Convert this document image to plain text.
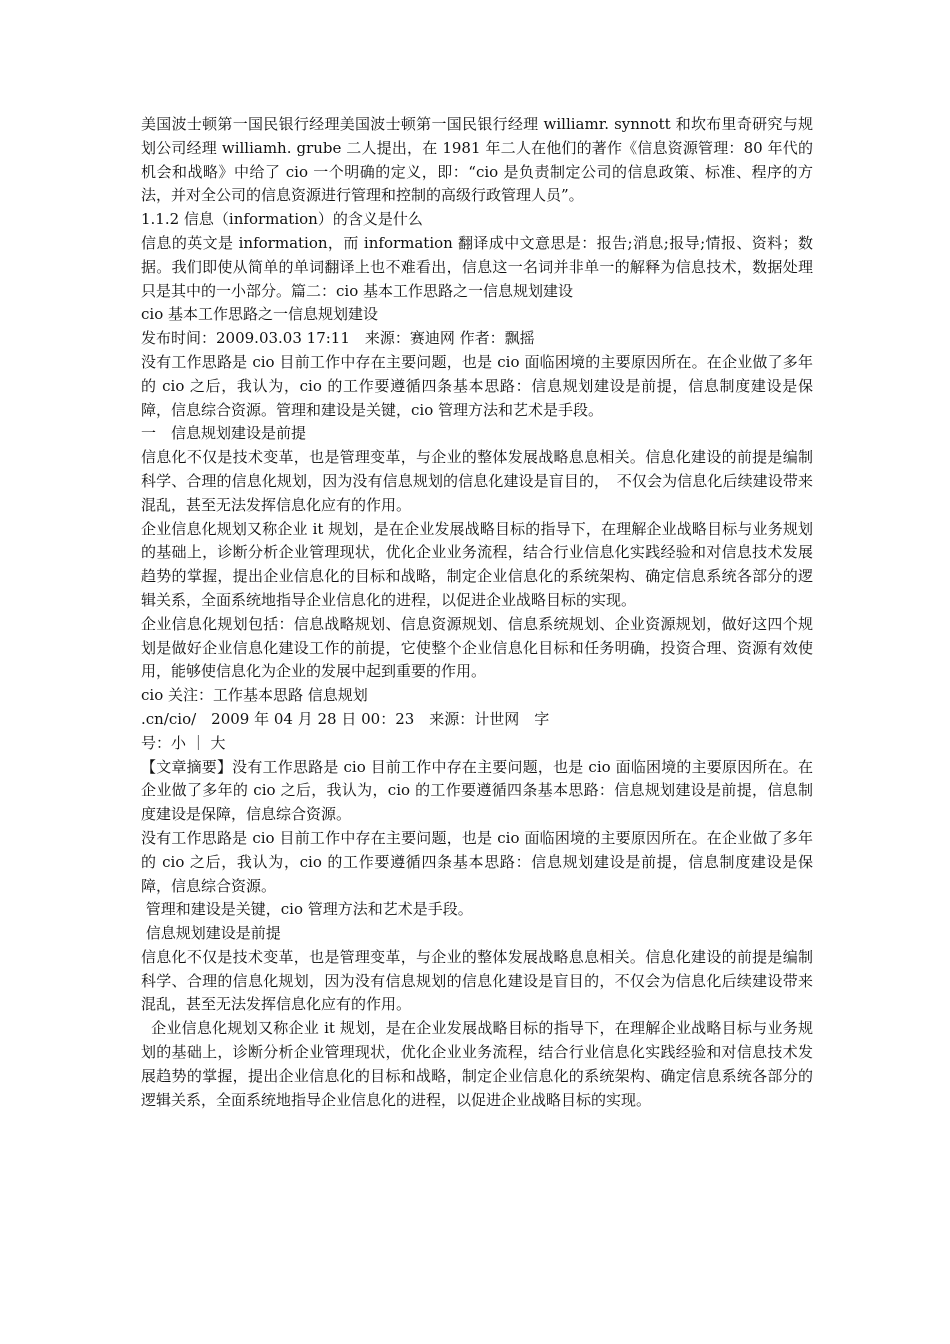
美国波士顿第一国民银行经理美国波士顿第一国民银行经理 williamr. synnott 和坎布里奇研究与规划公司经理 williamh. grube 二人提出，在 1981 年二人在他们的著作《信息资源管理：80 年代的机会和战略》中给了 cio 一个明确的定义，即：“cio 是负责制定公司的信息政策、标准、程序的方法，并对全公司的信息资源进行管理和控制的高级行政管理人员”。

1.1.2 信息（information）的含义是什么

信息的英文是 information，而 information 翻译成中文意思是：报告;消息;报导;情报、资料；数据。我们即使从简单的单词翻译上也不难看出，信息这一名词并非单一的解释为信息技术，数据处理只是其中的一小部分。篇二：cio 基本工作思路之一信息规划建设

cio 基本工作思路之一信息规划建设

发布时间：2009.03.03 17:11　来源：赛迪网 作者：飘摇

没有工作思路是 cio 目前工作中存在主要问题，也是 cio 面临困境的主要原因所在。在企业做了多年的 cio 之后，我认为，cio 的工作要遵循四条基本思路：信息规划建设是前提，信息制度建设是保障，信息综合资源。管理和建设是关键，cio 管理方法和艺术是手段。

一　信息规划建设是前提

信息化不仅是技术变革，也是管理变革，与企业的整体发展战略息息相关。信息化建设的前提是编制科学、合理的信息化规划，因为没有信息规划的信息化建设是盲目的，　不仅会为信息化后续建设带来混乱，甚至无法发挥信息化应有的作用。

企业信息化规划又称企业 it 规划，是在企业发展战略目标的指导下，在理解企业战略目标与业务规划的基础上，诊断分析企业管理现状，优化企业业务流程，结合行业信息化实践经验和对信息技术发展趋势的掌握，提出企业信息化的目标和战略，制定企业信息化的系统架构、确定信息系统各部分的逻辑关系，全面系统地指导企业信息化的进程，以促进企业战略目标的实现。

企业信息化规划包括：信息战略规划、信息资源规划、信息系统规划、企业资源规划，做好这四个规划是做好企业信息化建设工作的前提，它使整个企业信息化目标和任务明确，投资合理、资源有效使用，能够使信息化为企业的发展中起到重要的作用。

cio 关注：工作基本思路 信息规划

.cn/cio/　2009 年 04 月 28 日 00：23　来源：计世网　字

号：小 ｜ 大

【文章摘要】没有工作思路是 cio 目前工作中存在主要问题，也是 cio 面临困境的主要原因所在。在企业做了多年的 cio 之后，我认为，cio 的工作要遵循四条基本思路：信息规划建设是前提，信息制度建设是保障，信息综合资源。

没有工作思路是 cio 目前工作中存在主要问题，也是 cio 面临困境的主要原因所在。在企业做了多年的 cio 之后，我认为，cio 的工作要遵循四条基本思路：信息规划建设是前提，信息制度建设是保障，信息综合资源。

管理和建设是关键，cio 管理方法和艺术是手段。

信息规划建设是前提

信息化不仅是技术变革，也是管理变革，与企业的整体发展战略息息相关。信息化建设的前提是编制科学、合理的信息化规划，因为没有信息规划的信息化建设是盲目的，不仅会为信息化后续建设带来混乱，甚至无法发挥信息化应有的作用。

企业信息化规划又称企业 it 规划，是在企业发展战略目标的指导下，在理解企业战略目标与业务规划的基础上，诊断分析企业管理现状，优化企业业务流程，结合行业信息化实践经验和对信息技术发展趋势的掌握，提出企业信息化的目标和战略，制定企业信息化的系统架构、确定信息系统各部分的逻辑关系，全面系统地指导企业信息化的进程，以促进企业战略目标的实现。
